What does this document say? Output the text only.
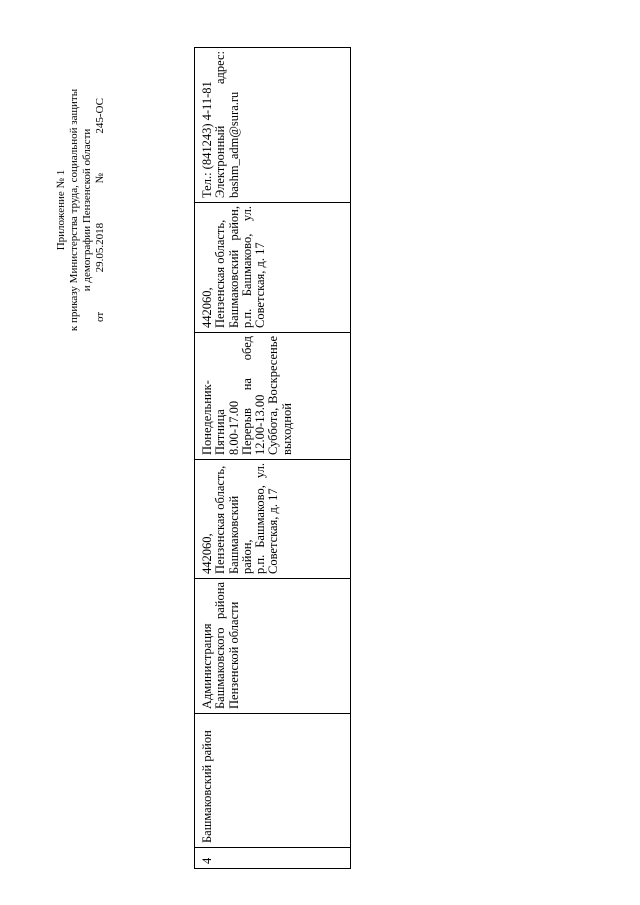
Приложение № 1 к приказу Министерства труда, социальной защиты и демографии Пензенской области
от
29.05.2018
№
245-ОС

4

Башмаковский район

Администрация Башмаковского района Пензенской области

442060, Пензенская область, Башмаковский район, р.п. Башмаково, ул. Советская, д. 17

Понедельник-Пятница 8.00-17.00 Перерыв на обед 12.00-13.00 Суббота, Воскресенье выходной

442060, Пензенская область, Башмаковский район, р.п. Башмаково, ул. Советская, д. 17

Тел.: (841243) 4-11-81 Электронный адрес: bashm_adm@sura.ru
